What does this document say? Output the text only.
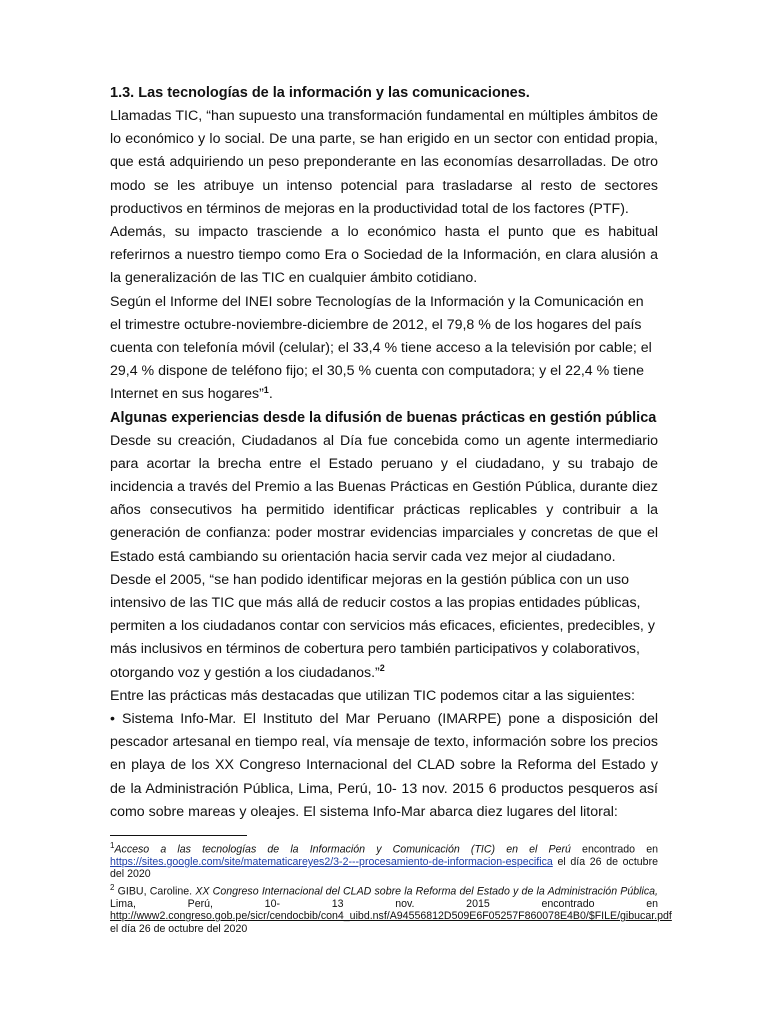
1.3. Las tecnologías de la información y las comunicaciones.

Llamadas TIC, “han supuesto una transformación fundamental en múltiples ámbitos de lo económico y lo social. De una parte, se han erigido en un sector con entidad propia, que está adquiriendo un peso preponderante en las economías desarrolladas. De otro modo se les atribuye un intenso potencial para trasladarse al resto de sectores productivos en términos de mejoras en la productividad total de los factores (PTF).

Además, su impacto trasciende a lo económico hasta el punto que es habitual referirnos a nuestro tiempo como Era o Sociedad de la Información, en clara alusión a la generalización de las TIC en cualquier ámbito cotidiano.

Según el Informe del INEI sobre Tecnologías de la Información y la Comunicación en el trimestre octubre-noviembre-diciembre de 2012, el 79,8 % de los hogares del país cuenta con telefonía móvil (celular); el 33,4 % tiene acceso a la televisión por cable; el 29,4 % dispone de teléfono fijo; el 30,5 % cuenta con computadora; y el 22,4 % tiene Internet en sus hogares”$^1$.

Algunas experiencias desde la difusión de buenas prácticas en gestión pública

Desde su creación, Ciudadanos al Día fue concebida como un agente intermediario para acortar la brecha entre el Estado peruano y el ciudadano, y su trabajo de incidencia a través del Premio a las Buenas Prácticas en Gestión Pública, durante diez años consecutivos ha permitido identificar prácticas replicables y contribuir a la generación de confianza: poder mostrar evidencias imparciales y concretas de que el Estado está cambiando su orientación hacia servir cada vez mejor al ciudadano.

Desde el 2005, “se han podido identificar mejoras en la gestión pública con un uso intensivo de las TIC que más allá de reducir costos a las propias entidades públicas, permiten a los ciudadanos contar con servicios más eficaces, eficientes, predecibles, y más inclusivos en términos de cobertura pero también participativos y colaborativos, otorgando voz y gestión a los ciudadanos.”$^2$

Entre las prácticas más destacadas que utilizan TIC podemos citar a las siguientes:

• Sistema Info-Mar. El Instituto del Mar Peruano (IMARPE) pone a disposición del pescador artesanal en tiempo real, vía mensaje de texto, información sobre los precios en playa de los XX Congreso Internacional del CLAD sobre la Reforma del Estado y de la Administración Pública, Lima, Perú, 10- 13 nov. 2015 6 productos pesqueros así como sobre mareas y oleajes. El sistema Info-Mar abarca diez lugares del litoral:

$^1$Acceso a las tecnologías de la Información y Comunicación (TIC) en el Perú encontrado en https://sites.google.com/site/matematicareyes2/3-2---procesamiento-de-informacion-especifica el día 26 de octubre del 2020

$^2$ GIBU, Caroline. XX Congreso Internacional del CLAD sobre la Reforma del Estado y de la Administración Pública, Lima, Perú, 10- 13 nov. 2015 encontrado en http://www2.congreso.gob.pe/sicr/cendocbib/con4_uibd.nsf/A94556812D509E6F05257F860078E4B0/$FILE/gibucar.pdf el día 26 de octubre del 2020
